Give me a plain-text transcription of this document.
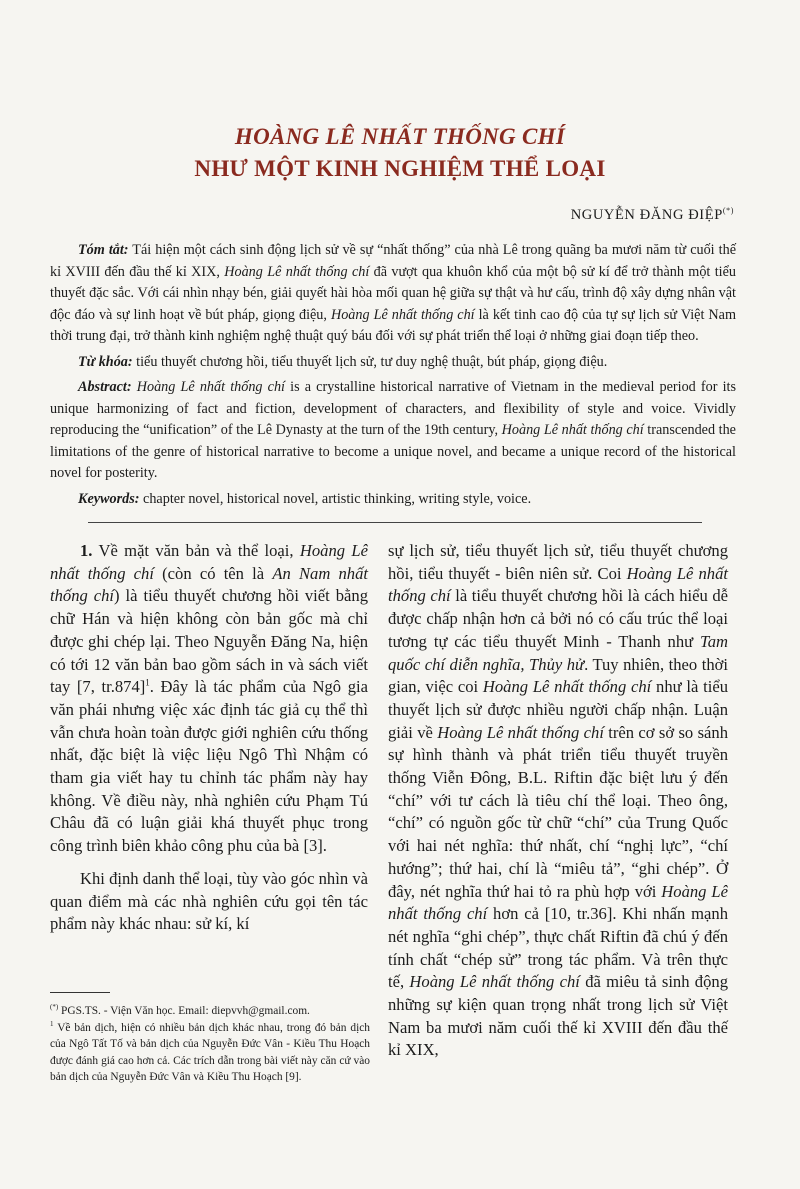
HOÀNG LÊ NHẤT THỐNG CHÍ
NHƯ MỘT KINH NGHIỆM THỂ LOẠI
NGUYỄN ĐĂNG ĐIỆP(*)

Tóm tắt: Tái hiện một cách sinh động lịch sử về sự “nhất thống” của nhà Lê trong quãng ba mươi năm từ cuối thế kỉ XVIII đến đầu thế kỉ XIX, Hoàng Lê nhất thống chí đã vượt qua khuôn khổ của một bộ sử kí để trở thành một tiểu thuyết đặc sắc. Với cái nhìn nhạy bén, giải quyết hài hòa mối quan hệ giữa sự thật và hư cấu, trình độ xây dựng nhân vật độc đáo và sự linh hoạt về bút pháp, giọng điệu, Hoàng Lê nhất thống chí là kết tinh cao độ của tự sự lịch sử Việt Nam thời trung đại, trở thành kinh nghiệm nghệ thuật quý báu đối với sự phát triển thể loại ở những giai đoạn tiếp theo.

Từ khóa: tiểu thuyết chương hồi, tiểu thuyết lịch sử, tư duy nghệ thuật, bút pháp, giọng điệu.

Abstract: Hoàng Lê nhất thống chí is a crystalline historical narrative of Vietnam in the medieval period for its unique harmonizing of fact and fiction, development of characters, and flexibility of style and voice. Vividly reproducing the “unification” of the Lê Dynasty at the turn of the 19th century, Hoàng Lê nhất thống chí transcended the limitations of the genre of historical narrative to become a unique novel, and became a unique record of the historical novel for posterity.

Keywords: chapter novel, historical novel, artistic thinking, writing style, voice.

1. Về mặt văn bản và thể loại, Hoàng Lê nhất thống chí (còn có tên là An Nam nhất thống chí) là tiểu thuyết chương hồi viết bằng chữ Hán và hiện không còn bản gốc mà chỉ được ghi chép lại. Theo Nguyễn Đăng Na, hiện có tới 12 văn bản bao gồm sách in và sách viết tay [7, tr.874]$^1$. Đây là tác phẩm của Ngô gia văn phái nhưng việc xác định tác giả cụ thể thì vẫn chưa hoàn toàn được giới nghiên cứu thống nhất, đặc biệt là việc liệu Ngô Thì Nhậm có tham gia viết hay tu chỉnh tác phẩm này hay không. Về điều này, nhà nghiên cứu Phạm Tú Châu đã có luận giải khá thuyết phục trong công trình biên khảo công phu của bà [3].

Khi định danh thể loại, tùy vào góc nhìn và quan điểm mà các nhà nghiên cứu gọi tên tác phẩm này khác nhau: sử kí, kí

sự lịch sử, tiểu thuyết lịch sử, tiểu thuyết chương hồi, tiểu thuyết - biên niên sử. Coi Hoàng Lê nhất thống chí là tiểu thuyết chương hồi là cách hiểu dễ được chấp nhận hơn cả bởi nó có cấu trúc thể loại tương tự các tiểu thuyết Minh - Thanh như Tam quốc chí diễn nghĩa, Thủy hử. Tuy nhiên, theo thời gian, việc coi Hoàng Lê nhất thống chí như là tiểu thuyết lịch sử được nhiều người chấp nhận. Luận giải về Hoàng Lê nhất thống chí trên cơ sở so sánh sự hình thành và phát triển tiểu thuyết truyền thống Viễn Đông, B.L. Riftin đặc biệt lưu ý đến “chí” với tư cách là tiêu chí thể loại. Theo ông, “chí” có nguồn gốc từ chữ “chí” của Trung Quốc với hai nét nghĩa: thứ nhất, chí “nghị lực”, “chí hướng”; thứ hai, chí là “miêu tả”, “ghi chép”. Ở đây, nét nghĩa thứ hai tỏ ra phù hợp với Hoàng Lê nhất thống chí hơn cả [10, tr.36]. Khi nhấn mạnh nét nghĩa “ghi chép”, thực chất Riftin đã chú ý đến tính chất “chép sử” trong tác phẩm. Và trên thực tế, Hoàng Lê nhất thống chí đã miêu tả sinh động những sự kiện quan trọng nhất trong lịch sử Việt Nam ba mươi năm cuối thế kỉ XVIII đến đầu thế kỉ XIX,

(*) PGS.TS. - Viện Văn học. Email: diepvvh@gmail.com.

$^1$ Về bản dịch, hiện có nhiều bản dịch khác nhau, trong đó bản dịch của Ngô Tất Tố và bản dịch của Nguyễn Đức Vân - Kiều Thu Hoạch được đánh giá cao hơn cả. Các trích dẫn trong bài viết này căn cứ vào bản dịch của Nguyễn Đức Vân và Kiều Thu Hoạch [9].
